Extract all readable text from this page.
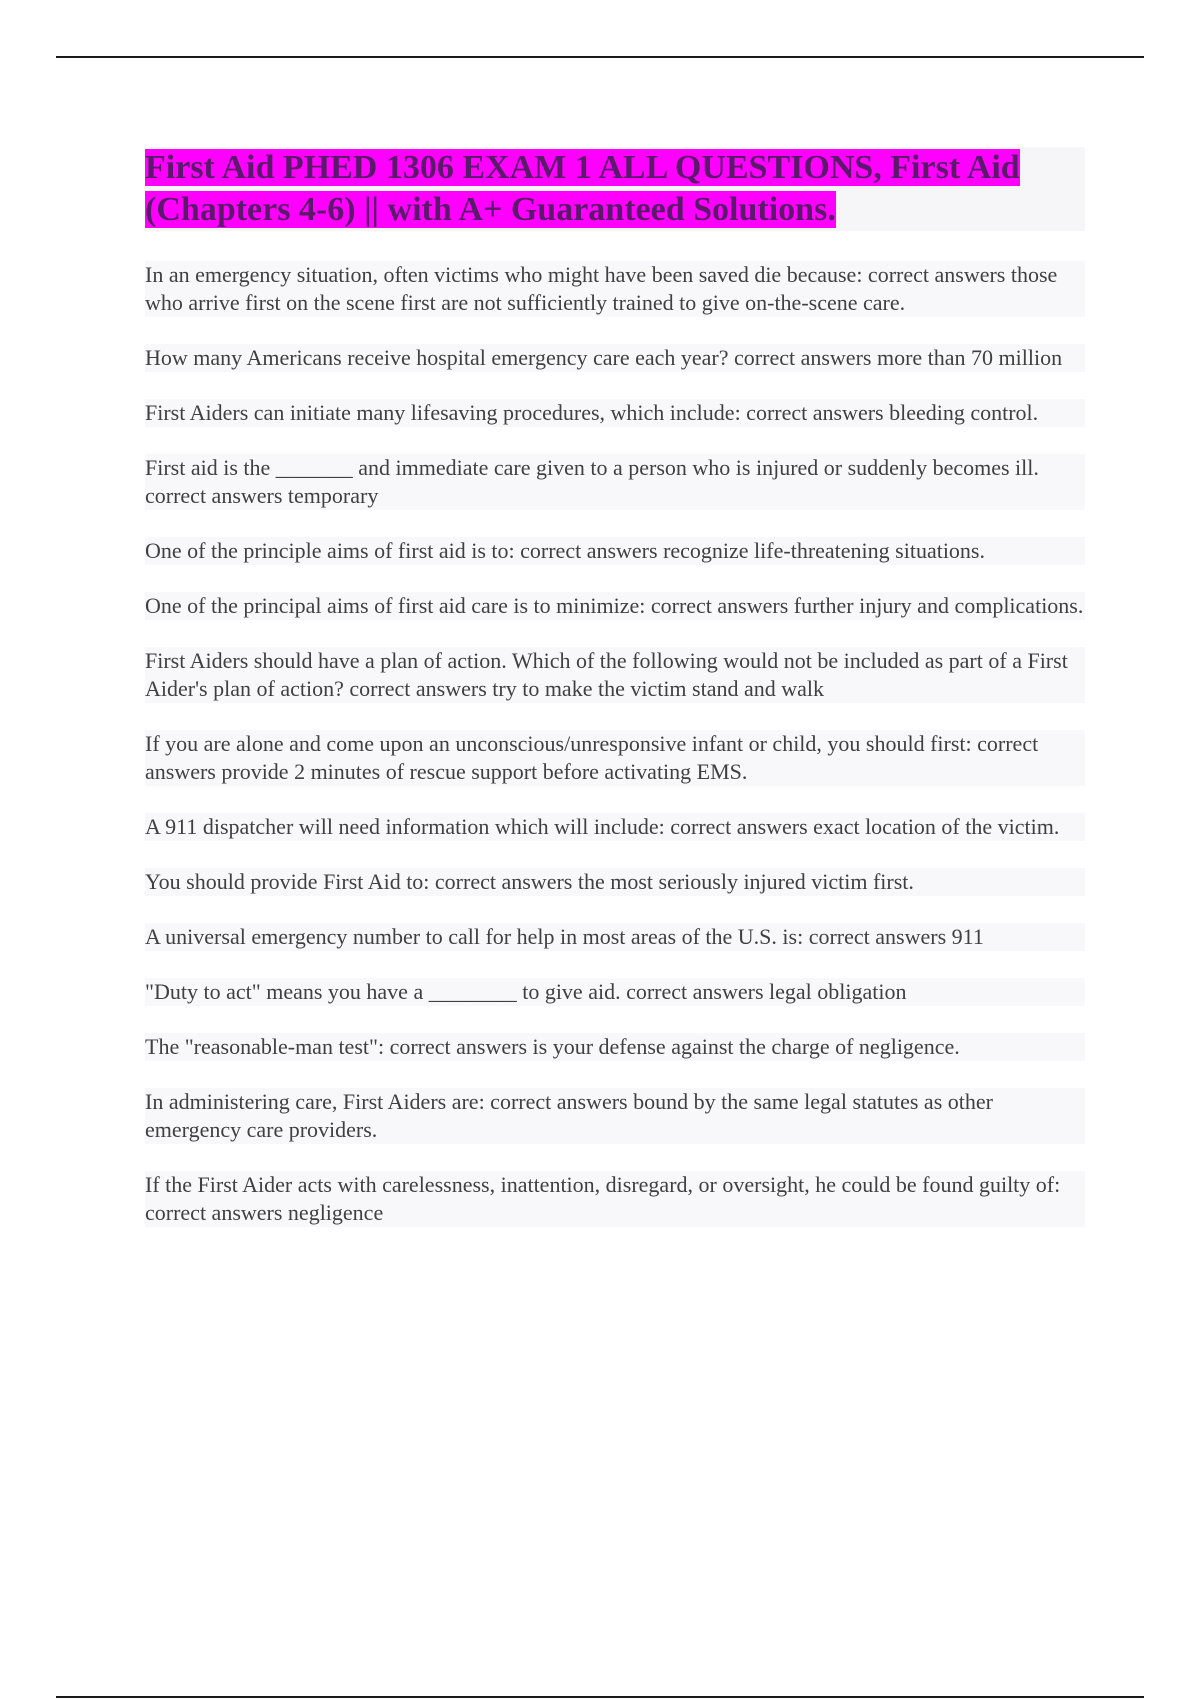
First Aid PHED 1306 EXAM 1 ALL QUESTIONS, First Aid (Chapters 4-6) || with A+ Guaranteed Solutions.
In an emergency situation, often victims who might have been saved die because: correct answers those who arrive first on the scene first are not sufficiently trained to give on-the-scene care.
How many Americans receive hospital emergency care each year? correct answers more than 70 million
First Aiders can initiate many lifesaving procedures, which include: correct answers bleeding control.
First aid is the _______ and immediate care given to a person who is injured or suddenly becomes ill. correct answers temporary
One of the principle aims of first aid is to: correct answers recognize life-threatening situations.
One of the principal aims of first aid care is to minimize: correct answers further injury and complications.
First Aiders should have a plan of action. Which of the following would not be included as part of a First Aider's plan of action? correct answers try to make the victim stand and walk
If you are alone and come upon an unconscious/unresponsive infant or child, you should first: correct answers provide 2 minutes of rescue support before activating EMS.
A 911 dispatcher will need information which will include: correct answers exact location of the victim.
You should provide First Aid to: correct answers the most seriously injured victim first.
A universal emergency number to call for help in most areas of the U.S. is: correct answers 911
"Duty to act" means you have a ________ to give aid. correct answers legal obligation
The "reasonable-man test": correct answers is your defense against the charge of negligence.
In administering care, First Aiders are: correct answers bound by the same legal statutes as other emergency care providers.
If the First Aider acts with carelessness, inattention, disregard, or oversight, he could be found guilty of: correct answers negligence
